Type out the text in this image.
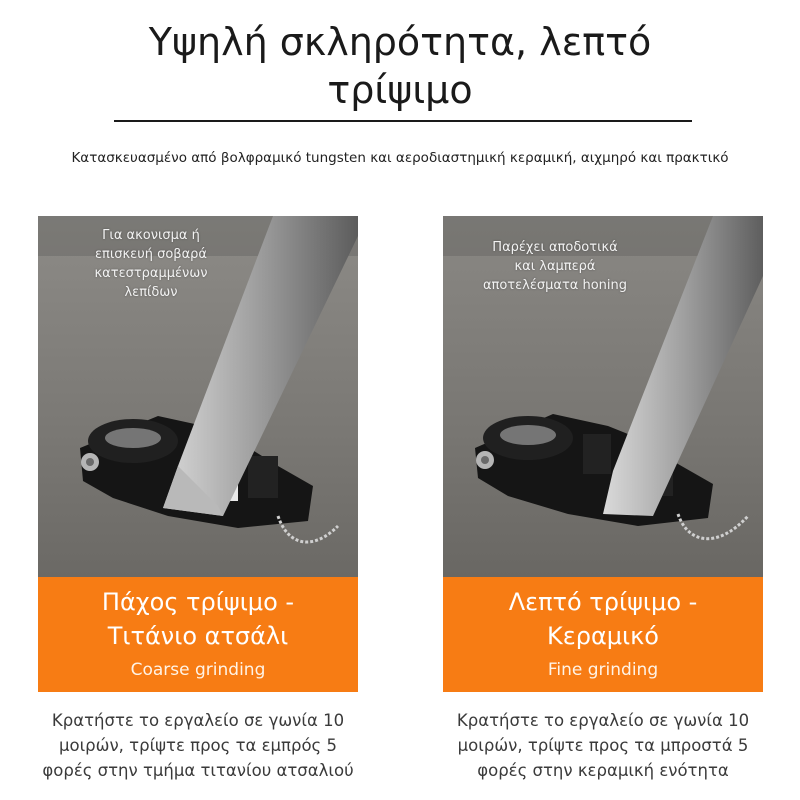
Υψηλή σκληρότητα, λεπτό
τρίψιμο
Κατασκευασμένο από βολφραμικό tungsten και αεροδιαστημική κεραμική, αιχμηρό και πρακτικό
Για ακονισμα ή
επισκευή σοβαρά
κατεστραμμένων
λεπίδων
Πάχος τρίψιμο -
Τιτάνιο ατσάλι
Coarse grinding
Παρέχει αποδοτικά
και λαμπερά
αποτελέσματα honing
Λεπτό τρίψιμο -
Κεραμικό
Fine grinding
Κρατήστε το εργαλείο σε γωνία 10
μοιρών, τρίψτε προς τα εμπρός 5
φορές στην τμήμα τιτανίου ατσαλιού
Κρατήστε το εργαλείο σε γωνία 10
μοιρών, τρίψτε προς τα μπροστά 5
φορές στην κεραμική ενότητα
